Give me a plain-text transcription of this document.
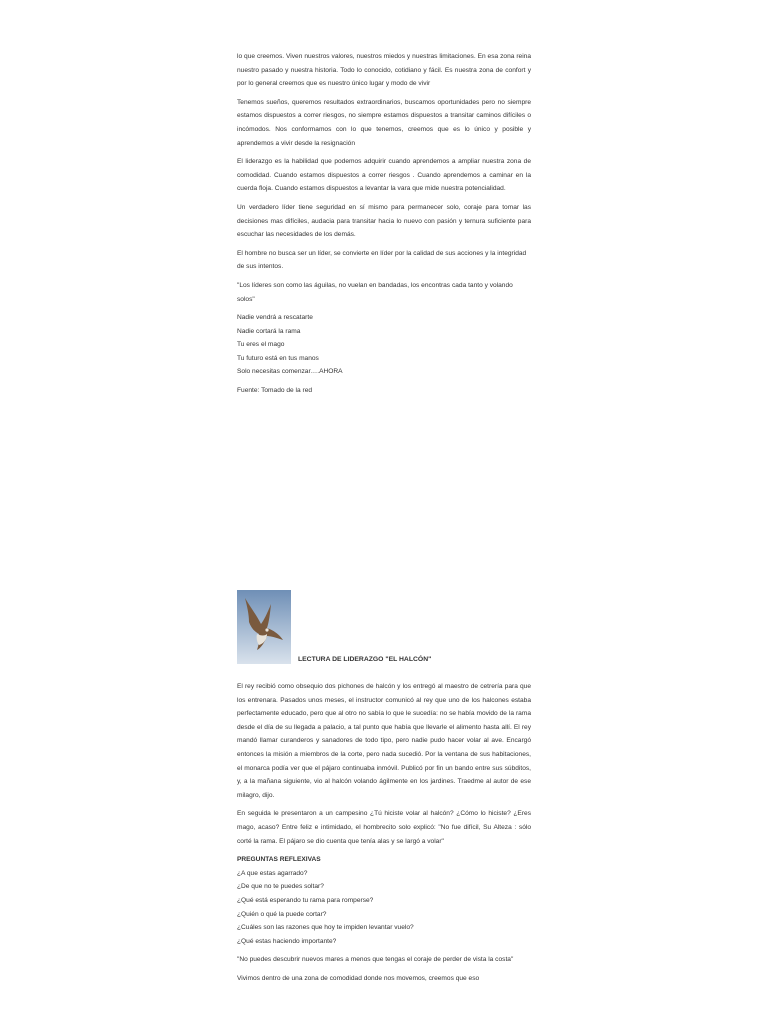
lo que creemos. Viven nuestros valores, nuestros miedos y nuestras limitaciones. En esa zona reina nuestro pasado y nuestra historia. Todo lo conocido, cotidiano y fácil. Es nuestra zona de confort y por lo general creemos que es nuestro único lugar y modo de vivir

Tenemos sueños, queremos resultados extraordinarios, buscamos oportunidades pero no siempre estamos dispuestos a correr riesgos, no siempre estamos dispuestos a transitar caminos difíciles o incómodos. Nos conformamos con lo que tenemos, creemos que es lo único y posible y aprendemos a vivir desde la resignación

El liderazgo es la habilidad que podemos adquirir cuando aprendemos a ampliar nuestra zona de comodidad. Cuando estamos dispuestos a correr riesgos . Cuando aprendemos a caminar en la cuerda floja. Cuando estamos dispuestos a levantar la vara que mide nuestra potencialidad.

Un verdadero líder tiene seguridad en sí mismo para permanecer solo, coraje para tomar las decisiones mas difíciles, audacia para transitar hacia lo nuevo con pasión y ternura suficiente para escuchar las necesidades de los demás.

El hombre no busca ser un líder, se convierte en líder por la calidad de sus acciones y la integridad de sus intentos.

"Los líderes son como las águilas, no vuelan en bandadas, los encontras cada tanto y volando solos"

Nadie vendrá a rescatarte
Nadie cortará la rama
Tu eres el mago
Tu futuro está en tus manos
Solo necesitas comenzar….AHORA

Fuente: Tomado de la red

LECTURA DE LIDERAZGO "EL HALCÓN"

El rey recibió como obsequio dos pichones de halcón y los entregó al maestro de cetrería para que los entrenara. Pasados unos meses, el instructor comunicó al rey que uno de los halcones estaba perfectamente educado, pero que al otro no sabía lo que le sucedía: no se había movido de la rama desde el día de su llegada a palacio, a tal punto que había que llevarle el alimento hasta allí. El rey mandó llamar curanderos y sanadores de todo tipo, pero nadie pudo hacer volar al ave. Encargó entonces la misión a miembros de la corte, pero nada sucedió. Por la ventana de sus habitaciones, el monarca podía ver que el pájaro continuaba inmóvil. Publicó por fin un bando entre sus súbditos, y, a la mañana siguiente, vio al halcón volando ágilmente en los jardines. Traedme al autor de ese milagro, dijo.

En seguida le presentaron a un campesino ¿Tú hiciste volar al halcón? ¿Cómo lo hiciste? ¿Eres mago, acaso? Entre feliz e intimidado, el hombrecito solo explicó: "No fue difícil, Su Alteza : sólo corté la rama. El pájaro se dio cuenta que tenía alas y se largó a volar"

PREGUNTAS REFLEXIVAS
¿A que estas agarrado?
¿De que no te puedes soltar?
¿Qué está esperando tu rama para romperse?
¿Quién o qué la puede cortar?
¿Cuáles son las razones que hoy te impiden levantar vuelo?
¿Qué estas haciendo importante?

"No puedes descubrir nuevos mares a menos que tengas el coraje de perder de vista la costa"

Vivimos dentro de una zona de comodidad donde nos movemos, creemos que eso
